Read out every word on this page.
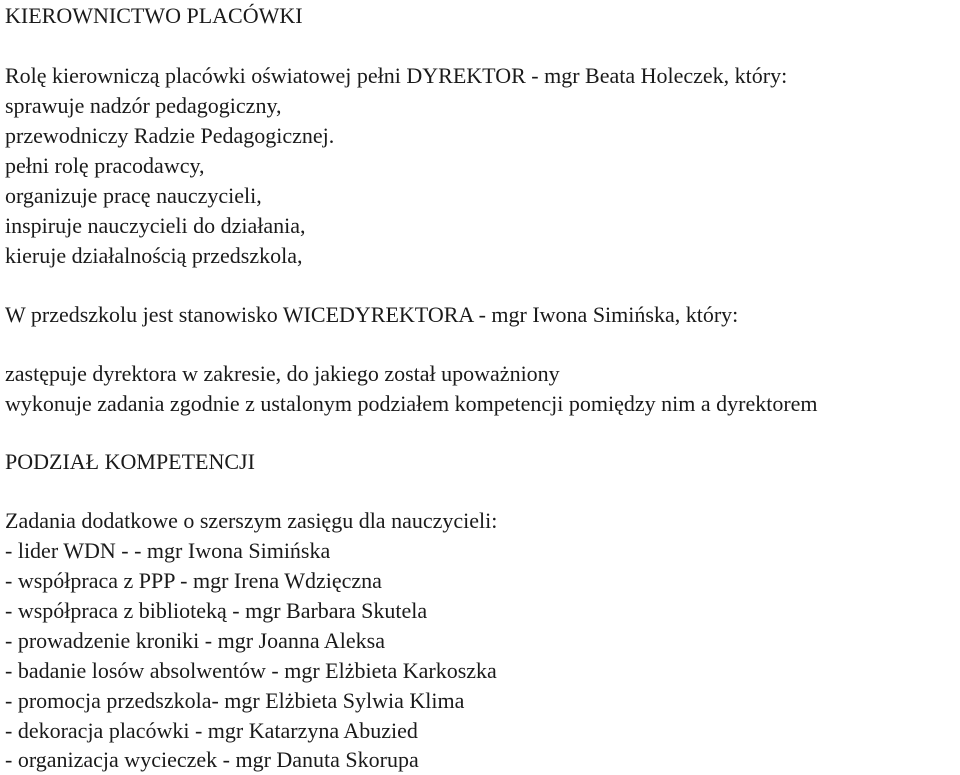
KIEROWNICTWO PLACÓWKI
Rolę kierowniczą placówki oświatowej pełni DYREKTOR - mgr Beata Holeczek, który:
sprawuje nadzór pedagogiczny,
przewodniczy Radzie Pedagogicznej.
pełni rolę pracodawcy,
organizuje pracę nauczycieli,
inspiruje nauczycieli do działania,
kieruje działalnością przedszkola,
W przedszkolu jest stanowisko WICEDYREKTORA - mgr Iwona Simińska, który:
zastępuje dyrektora w zakresie, do jakiego został upoważniony
wykonuje zadania zgodnie z ustalonym podziałem kompetencji pomiędzy nim a dyrektorem
PODZIAŁ KOMPETENCJI
Zadania dodatkowe o szerszym zasięgu dla nauczycieli:
- lider WDN - - mgr Iwona Simińska
- współpraca z PPP - mgr Irena Wdzięczna
- współpraca z biblioteką - mgr Barbara Skutela
- prowadzenie kroniki - mgr Joanna Aleksa
- badanie losów absolwentów - mgr Elżbieta Karkoszka
- promocja przedszkola- mgr Elżbieta Sylwia Klima
- dekoracja placówki - mgr Katarzyna Abuzied
- organizacja wycieczek - mgr Danuta Skorupa
